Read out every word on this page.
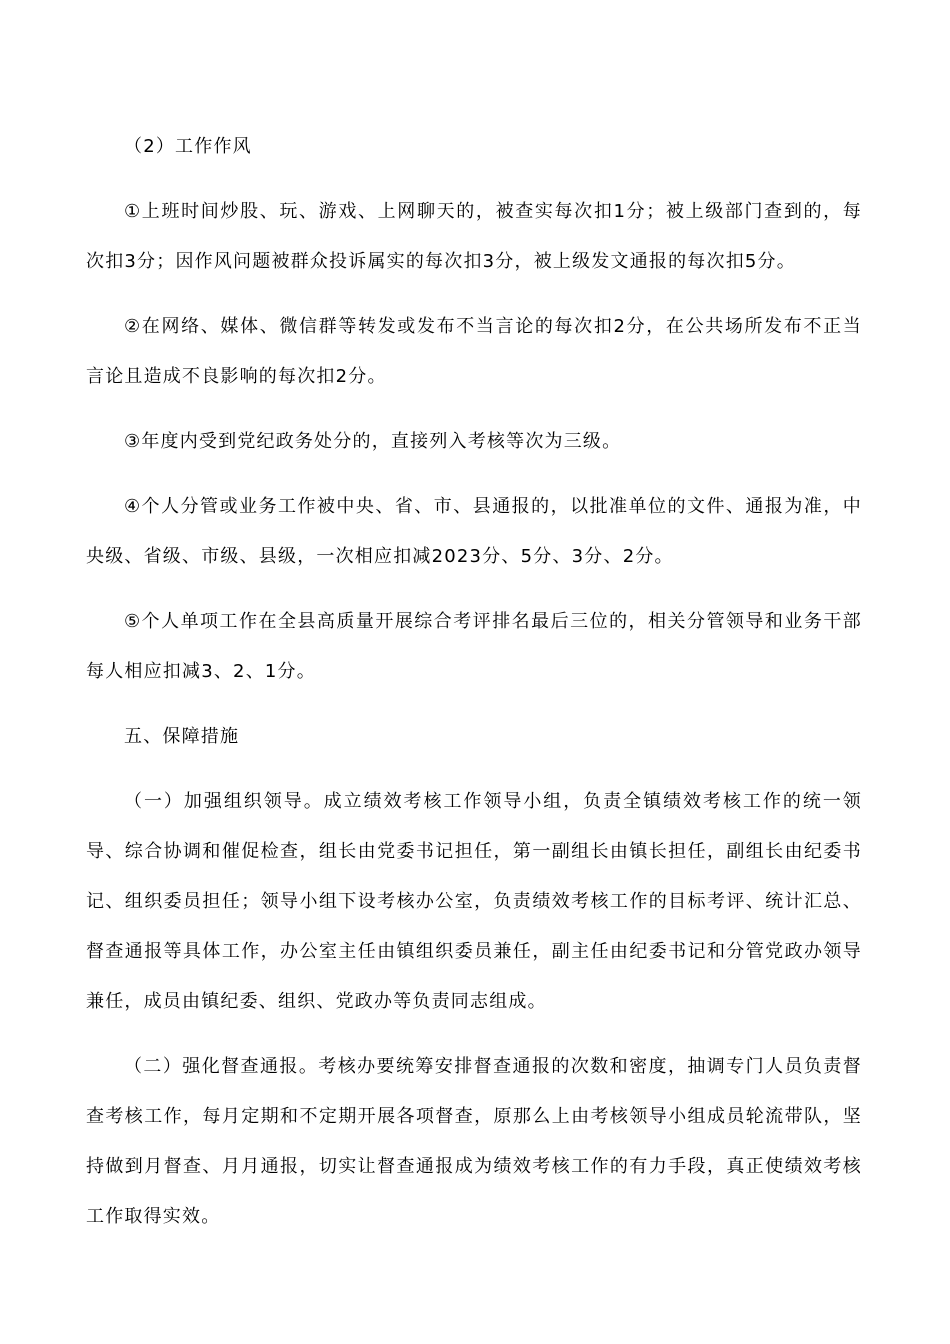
（2）工作作风

①上班时间炒股、玩、游戏、上网聊天的，被查实每次扣1分；被上级部门查到的，每次扣3分；因作风问题被群众投诉属实的每次扣3分，被上级发文通报的每次扣5分。

②在网络、媒体、微信群等转发或发布不当言论的每次扣2分，在公共场所发布不正当言论且造成不良影响的每次扣2分。

③年度内受到党纪政务处分的，直接列入考核等次为三级。

④个人分管或业务工作被中央、省、市、县通报的，以批准单位的文件、通报为准，中央级、省级、市级、县级，一次相应扣减2023分、5分、3分、2分。

⑤个人单项工作在全县高质量开展综合考评排名最后三位的，相关分管领导和业务干部每人相应扣减3、2、1分。

五、保障措施

（一）加强组织领导。成立绩效考核工作领导小组，负责全镇绩效考核工作的统一领导、综合协调和催促检查，组长由党委书记担任，第一副组长由镇长担任，副组长由纪委书记、组织委员担任；领导小组下设考核办公室，负责绩效考核工作的目标考评、统计汇总、督查通报等具体工作，办公室主任由镇组织委员兼任，副主任由纪委书记和分管党政办领导兼任，成员由镇纪委、组织、党政办等负责同志组成。

（二）强化督查通报。考核办要统筹安排督查通报的次数和密度，抽调专门人员负责督查考核工作，每月定期和不定期开展各项督查，原那么上由考核领导小组成员轮流带队，坚持做到月督查、月月通报，切实让督查通报成为绩效考核工作的有力手段，真正使绩效考核工作取得实效。
